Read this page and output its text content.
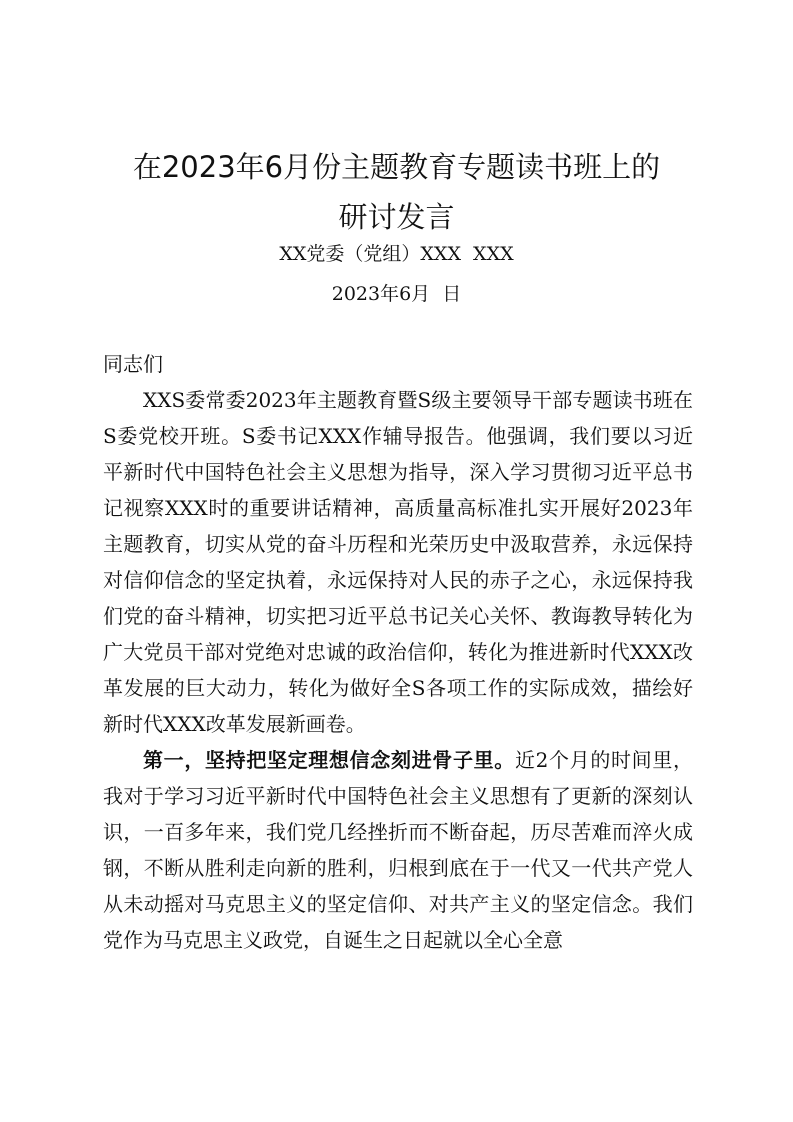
在2023年6月份主题教育专题读书班上的
研讨发言
XX党委（党组）XXX  XXX
2023年6月  日

同志们

XXS委常委2023年主题教育暨S级主要领导干部专题读书班在S委党校开班。S委书记XXX作辅导报告。他强调，我们要以习近平新时代中国特色社会主义思想为指导，深入学习贯彻习近平总书记视察XXX时的重要讲话精神，高质量高标准扎实开展好2023年主题教育，切实从党的奋斗历程和光荣历史中汲取营养，永远保持对信仰信念的坚定执着，永远保持对人民的赤子之心，永远保持我们党的奋斗精神，切实把习近平总书记关心关怀、教诲教导转化为广大党员干部对党绝对忠诚的政治信仰，转化为推进新时代XXX改革发展的巨大动力，转化为做好全S各项工作的实际成效，描绘好新时代XXX改革发展新画卷。

第一，坚持把坚定理想信念刻进骨子里。近2个月的时间里，我对于学习习近平新时代中国特色社会主义思想有了更新的深刻认识，一百多年来，我们党几经挫折而不断奋起，历尽苦难而淬火成钢，不断从胜利走向新的胜利，归根到底在于一代又一代共产党人从未动摇对马克思主义的坚定信仰、对共产主义的坚定信念。我们党作为马克思主义政党，自诞生之日起就以全心全意
